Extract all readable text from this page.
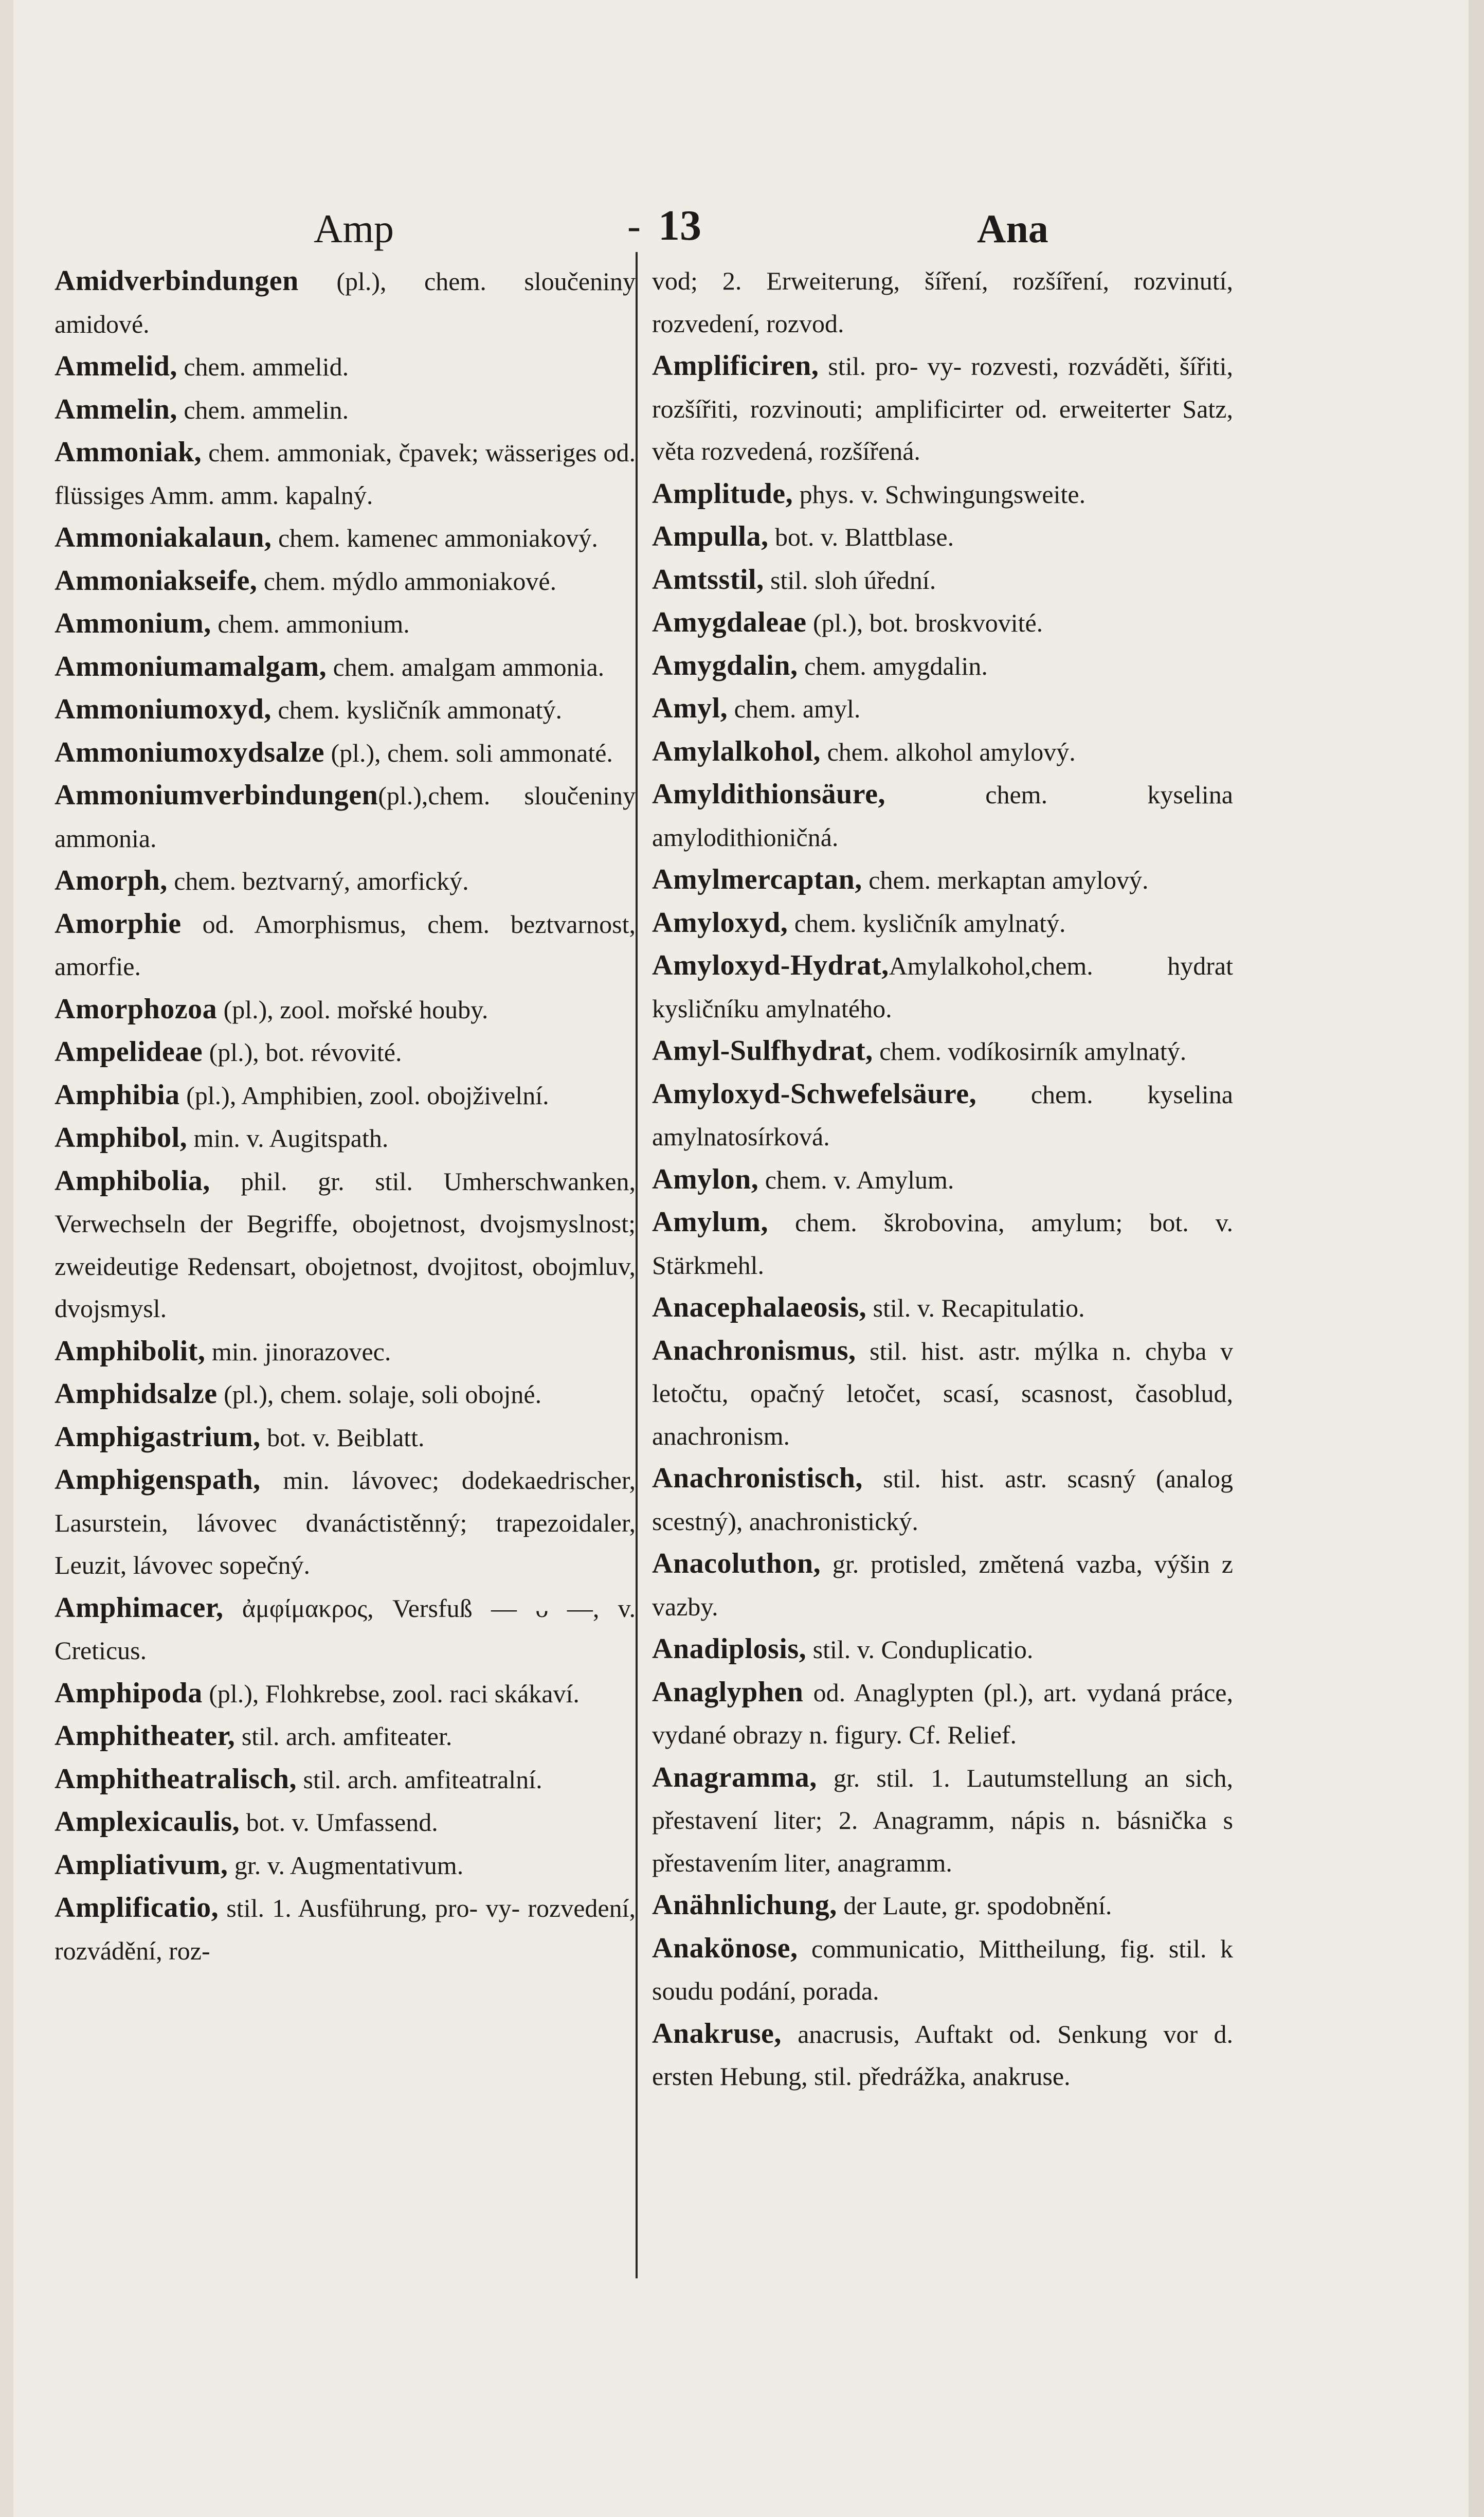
Amp	- 13	Ana

Amidverbindungen (pl.), chem. sloučeniny amidové.

Ammelid, chem. ammelid.

Ammelin, chem. ammelin.

Ammoniak, chem. ammoniak, čpavek; wässeriges od. flüssiges Amm. amm. kapalný.

Ammoniakalaun, chem. kamenec ammoniakový.

Ammoniakseife, chem. mýdlo ammoniakové.

Ammonium, chem. ammonium.

Ammoniumamalgam, chem. amalgam ammonia.

Ammoniumoxyd, chem. kysličník ammonatý.

Ammoniumoxydsalze (pl.), chem. soli ammonaté.

Ammoniumverbindungen(pl.),chem. sloučeniny ammonia.

Amorph, chem. beztvarný, amorfický.

Amorphie od. Amorphismus, chem. beztvarnost, amorfie.

Amorphozoa (pl.), zool. mořské houby.

Ampelideae (pl.), bot. révovité.

Amphibia (pl.), Amphibien, zool. obojživelní.

Amphibol, min. v. Augitspath.

Amphibolia, phil. gr. stil. Umherschwanken, Verwechseln der Begriffe, obojetnost, dvojsmyslnost; zweideutige Redensart, obojetnost, dvojitost, obojmluv, dvojsmysl.

Amphibolit, min. jinorazovec.

Amphidsalze (pl.), chem. solaje, soli obojné.

Amphigastrium, bot. v. Beiblatt.

Amphigenspath, min. lávovec; dodekaedrischer, Lasurstein, lávovec dvanáctistěnný; trapezoidaler, Leuzit, lávovec sopečný.

Amphimacer, ἀμφίμακρος, Versfuß — ᴗ —, v. Creticus.

Amphipoda (pl.), Flohkrebse, zool. raci skákaví.

Amphitheater, stil. arch. amfiteater.

Amphitheatralisch, stil. arch. amfiteatralní.

Amplexicaulis, bot. v. Umfassend.

Ampliativum, gr. v. Augmentativum.

Amplificatio, stil. 1. Ausführung, pro- vy- rozvedení, rozvádění, roz-

vod; 2. Erweiterung, šíření, rozšíření, rozvinutí, rozvedení, rozvod.

Amplificiren, stil. pro- vy- rozvesti, rozváděti, šířiti, rozšířiti, rozvinouti; amplificirter od. erweiterter Satz, věta rozvedená, rozšířená.

Amplitude, phys. v. Schwingungsweite.

Ampulla, bot. v. Blattblase.

Amtsstil, stil. sloh úřední.

Amygdaleae (pl.), bot. broskvovité.

Amygdalin, chem. amygdalin.

Amyl, chem. amyl.

Amylalkohol, chem. alkohol amylový.

Amyldithionsäure, chem. kyselina amylodithioničná.

Amylmercaptan, chem. merkaptan amylový.

Amyloxyd, chem. kysličník amylnatý.

Amyloxyd-Hydrat,Amylalkohol,chem. hydrat kysličníku amylnatého.

Amyl-Sulfhydrat, chem. vodíkosirník amylnatý.

Amyloxyd-Schwefelsäure, chem. kyselina amylnatosírková.

Amylon, chem. v. Amylum.

Amylum, chem. škrobovina, amylum; bot. v. Stärkmehl.

Anacephalaeosis, stil. v. Recapitulatio.

Anachronismus, stil. hist. astr. mýlka n. chyba v letočtu, opačný letočet, scasí, scasnost, časoblud, anachronism.

Anachronistisch, stil. hist. astr. scasný (analog scestný), anachronistický.

Anacoluthon, gr. protisled, změtená vazba, výšin z vazby.

Anadiplosis, stil. v. Conduplicatio.

Anaglyphen od. Anaglypten (pl.), art. vydaná práce, vydané obrazy n. figury. Cf. Relief.

Anagramma, gr. stil. 1. Lautumstellung an sich, přestavení liter; 2. Anagramm, nápis n. básnička s přestavením liter, anagramm.

Anähnlichung, der Laute, gr. spodobnění.

Anakönose, communicatio, Mittheilung, fig. stil. k soudu podání, porada.

Anakruse, anacrusis, Auftakt od. Senkung vor d. ersten Hebung, stil. předrážka, anakruse.
